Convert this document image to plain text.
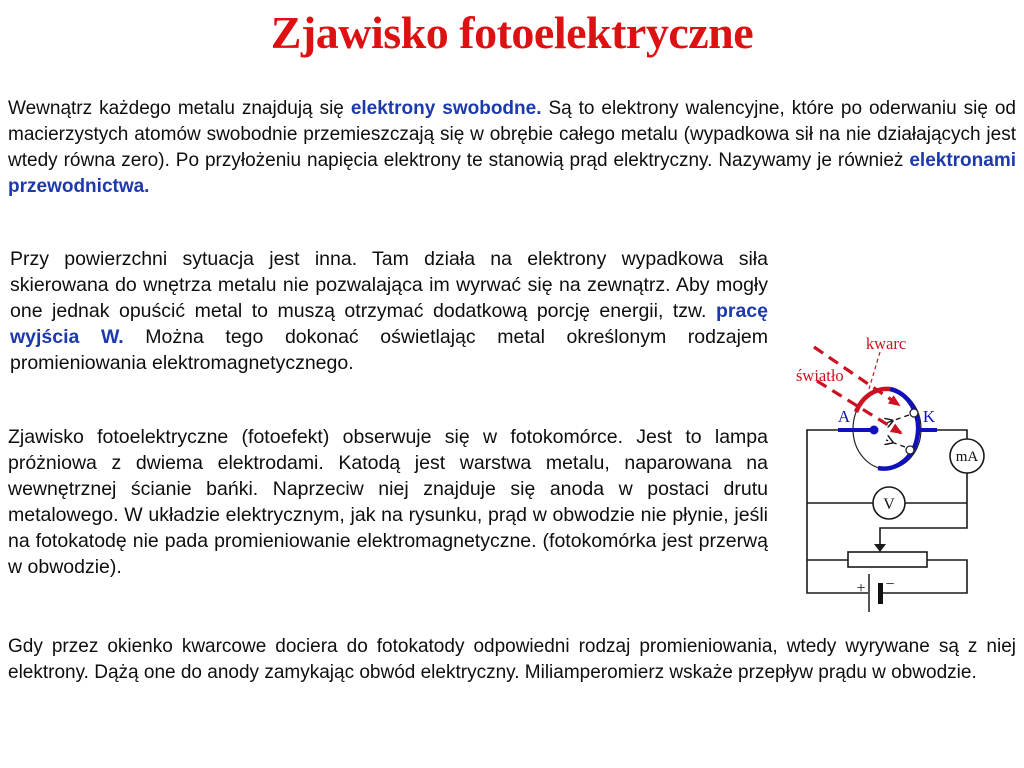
Zjawisko fotoelektryczne
Wewnątrz każdego metalu znajdują się elektrony swobodne. Są to elektrony walencyjne, które po oderwaniu się od macierzystych atomów swobodnie przemieszczają się w obrębie całego metalu (wypadkowa sił na nie działających jest wtedy równa zero). Po przyłożeniu napięcia elektrony te stanowią prąd elektryczny. Nazywamy je również elektronami przewodnictwa.
Przy powierzchni sytuacja jest inna. Tam działa na elektrony wypadkowa siła skierowana do wnętrza metalu nie pozwalająca im wyrwać się na zewnątrz. Aby mogły one jednak opuścić metal to muszą otrzymać dodatkową porcję energii, tzw. pracę wyjścia W. Można tego dokonać oświetlając metal określonym rodzajem promieniowania elektromagnetycznego.
Zjawisko fotoelektryczne (fotoefekt) obserwuje się w fotokomórce. Jest to lampa próżniowa z dwiema elektrodami. Katodą jest warstwa metalu, naparowana na wewnętrznej ścianie bańki. Naprzeciw niej znajduje się anoda w postaci drutu metalowego. W układzie elektrycznym, jak na rysunku, prąd w obwodzie nie płynie, jeśli na fotokatodę nie pada promieniowanie elektromagnetyczne. (fotokomórka jest przerwą w obwodzie).
Gdy przez okienko kwarcowe dociera do fotokatody odpowiedni rodzaj promieniowania, wtedy wyrywane są z niej elektrony. Dążą one do anody zamykając obwód elektryczny. Miliamperomierz wskaże przepływ prądu w obwodzie.
+ −
mA
V
A	K
kwarc
światło
